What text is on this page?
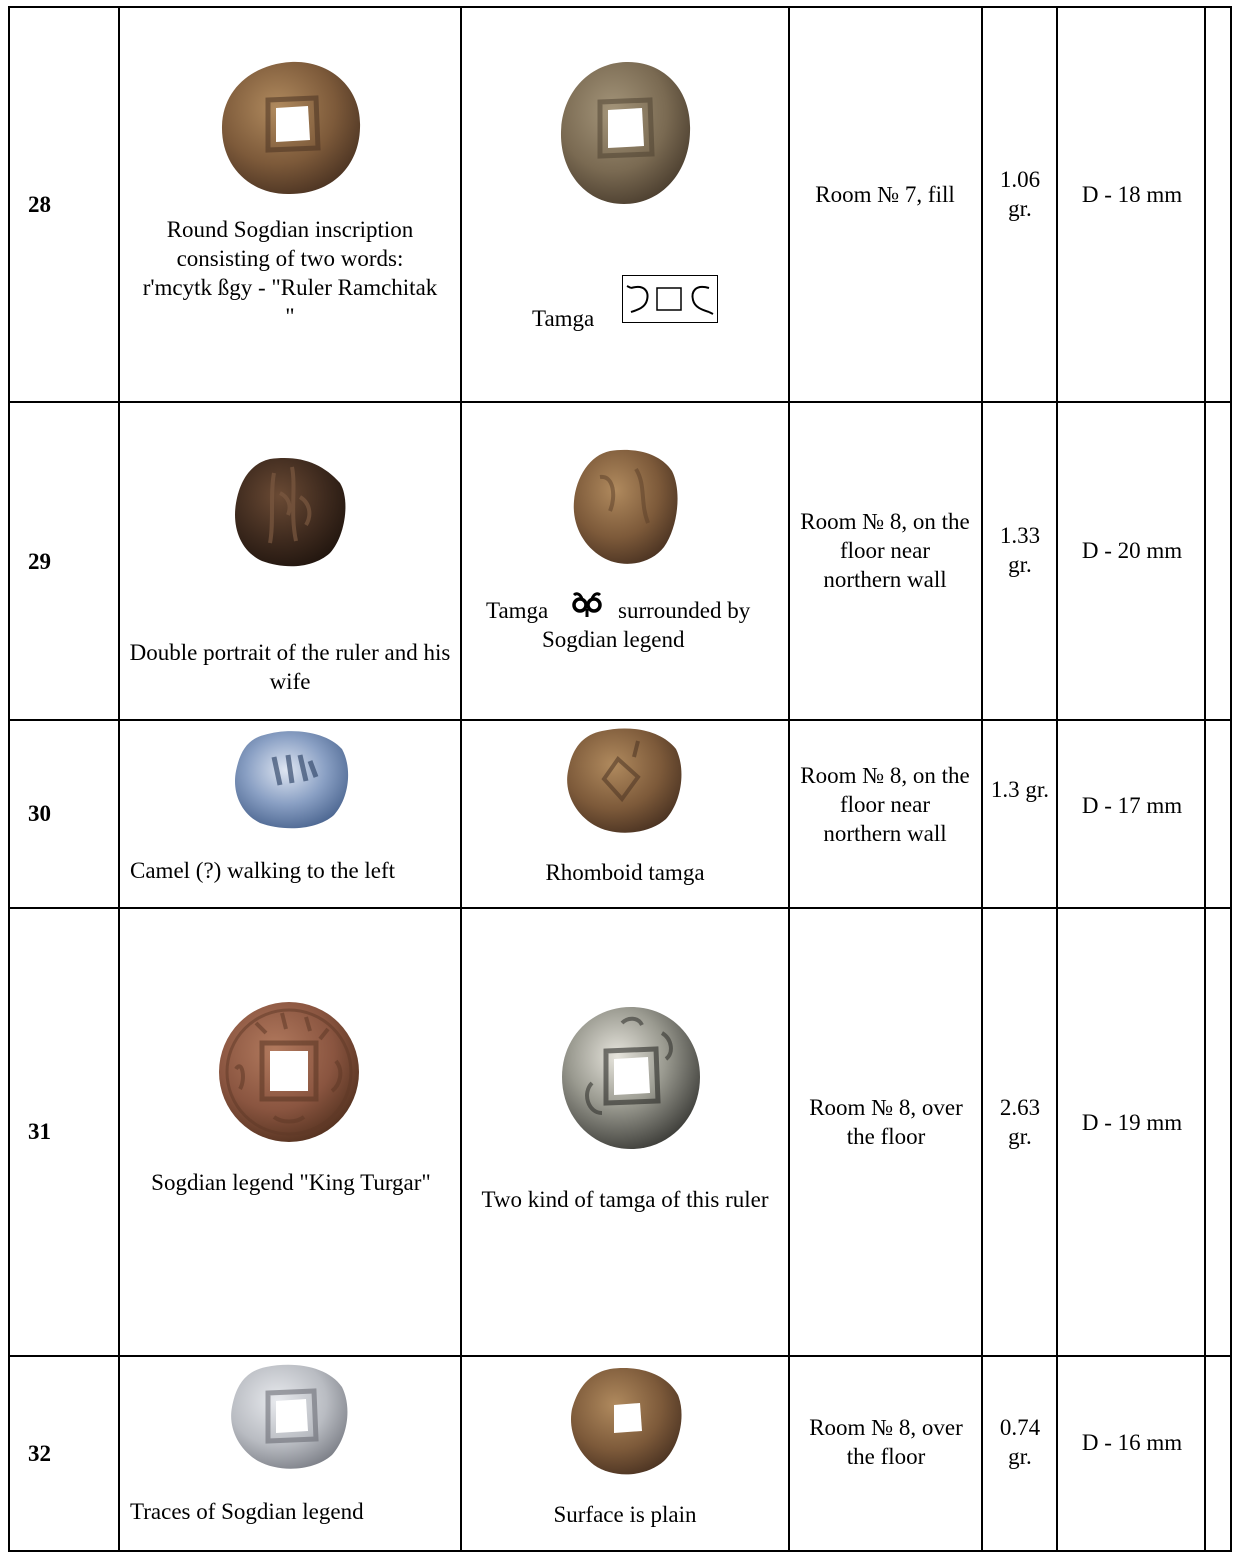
28	Round Sogdian inscription consisting of two words: r'mcytk ßgy - "Ruler Ramchitak "	Tamga	Room № 7, fill	1.06 gr.	D - 18 mm	

29	Double portrait of the ruler and his wife	Tamga surrounded by Sogdian legend	Room № 8, on the floor near northern wall	1.33 gr.	D - 20 mm	

30	Camel (?) walking to the left	Rhomboid tamga	Room № 8, on the floor near northern wall	1.3 gr.	D - 17 mm	

31	Sogdian legend "King Turgar"	Two kind of tamga of this ruler	Room № 8, over the floor	2.63 gr.	D - 19 mm	

32	Traces of Sogdian legend	Surface is plain	Room № 8, over the floor	0.74 gr.	D - 16 mm	
